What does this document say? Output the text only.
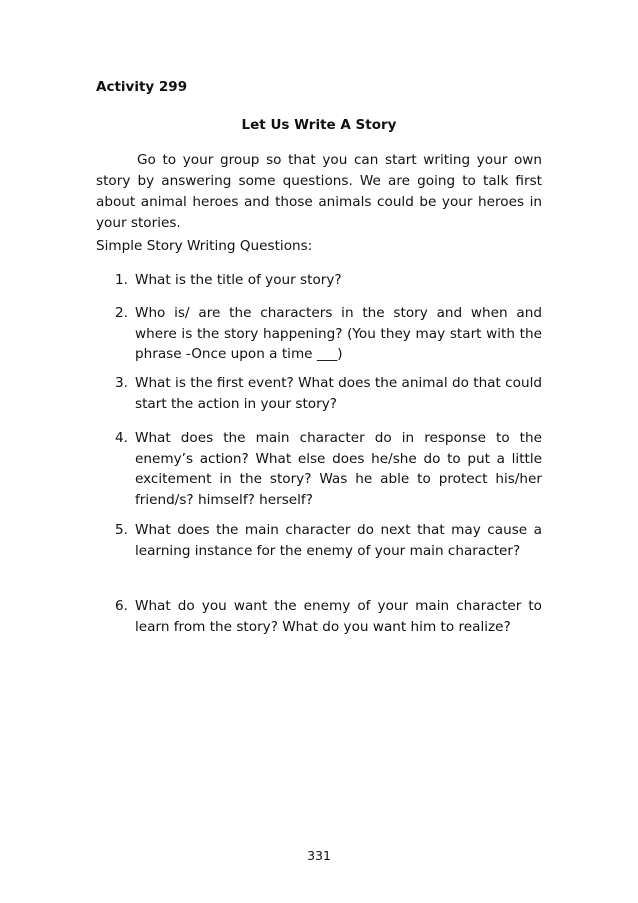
Activity 299
Let Us Write A Story

Go to your group so that you can start writing your own story by answering some questions. We are going to talk first about animal heroes and those animals could be your heroes in your stories.

Simple Story Writing Questions:
1. What is the title of your story?
2. Who is/ are the characters in the story and when and where is the story happening? (You they may start with the phrase -Once upon a time ___)
3. What is the first event? What does the animal do that could start the action in your story?
4. What does the main character do in response to the enemy’s action? What else does he/she do to put a little excitement in the story? Was he able to protect his/her friend/s? himself? herself?
5. What does the main character do next that may cause a learning instance for the enemy of your main character?
6. What do you want the enemy of your main character to learn from the story? What do you want him to realize?
331
